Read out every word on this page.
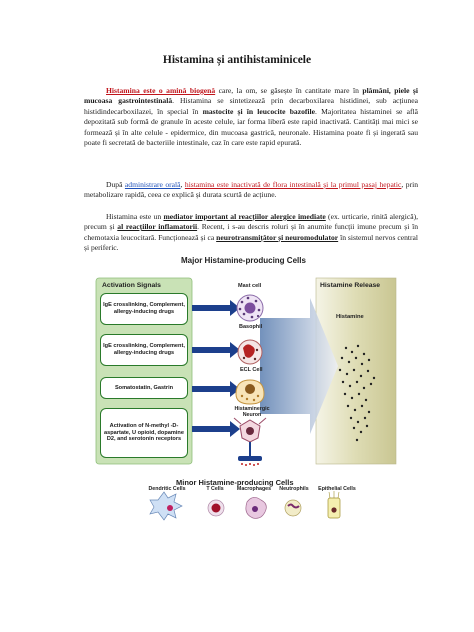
Histamina și antihistaminicele
Histamina este o amină biogenă care, la om, se găsește în cantitate mare în plămâni, piele și mucoasa gastrointestinală. Histamina se sintetizează prin decarboxilarea histidinei, sub acțiunea histidindecarboxilazei, în special în mastocite și în leucocite bazofile. Majoritatea histaminei se află depozitată sub formă de granule în aceste celule, iar forma liberă este rapid inactivată. Cantități mai mici se formează și în alte celule - epidermice, din mucoasa gastrică, neuronale. Histamina poate fi și ingerată sau poate fi secretată de bacteriile intestinale, caz în care este rapid epurată.
După administrare orală, histamina este inactivată de flora intestinală și la primul pasaj hepatic, prin metabolizare rapidă, ceea ce explică și durata scurtă de acțiune.
Histamina este un mediator important al reacțiilor alergice imediate (ex. urticarie, rinită alergică), precum și al reacțiilor inflamatorii. Recent, i s-au descris roluri și în anumite funcții imune precum și în chemotaxia leucocitară. Funcționează și ca neurotransmițător și neuromodulator în sistemul nervos central și periferic.
Major Histamine-producing Cells
Activation Signals
IgE crosslinking, Complement, allergy-inducing drugs
IgE crosslinking, Complement, allergy-inducing drugs
Somatostatin, Gastrin
Activation of N-methyl -D-aspartate, U opioid, dopamine D2, and serotonin receptors
Mast cell
Basophil
ECL Cell
Histaminergic Neuron
Histamine Release
Histamine
Minor Histamine-producing Cells
Dendritic Cells	T Cells	Macrophages	Neutrophils	Epithelial Cells
